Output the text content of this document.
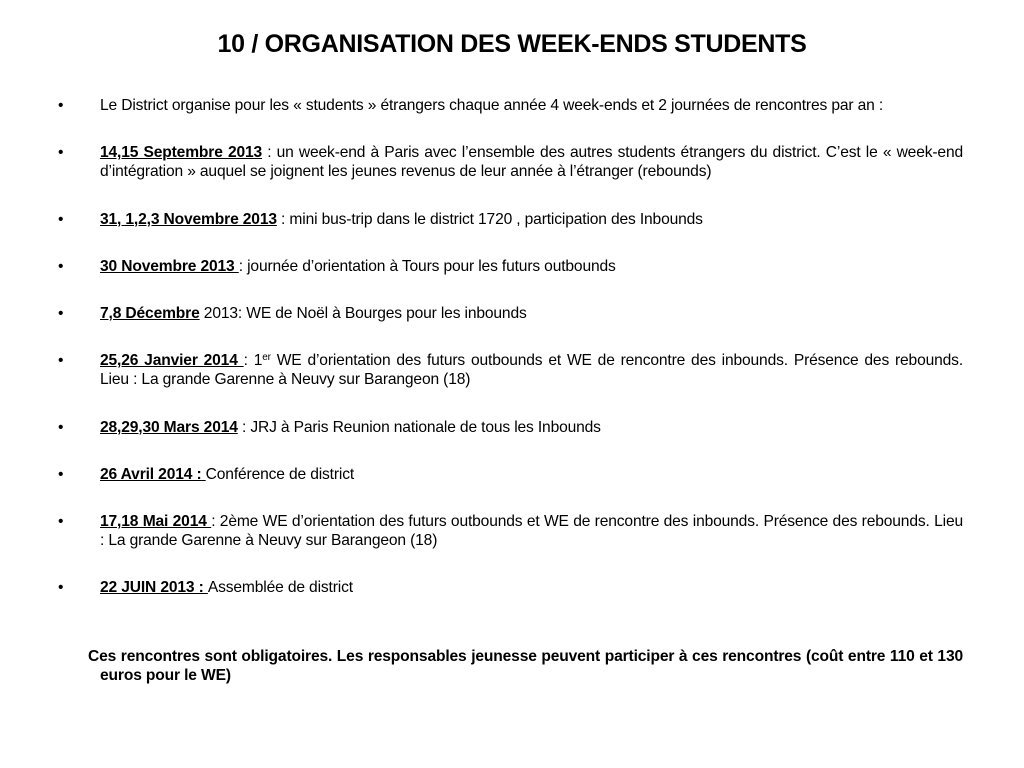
10 / ORGANISATION DES WEEK-ENDS STUDENTS
•	Le District organise pour les « students » étrangers chaque année 4 week-ends et 2 journées de rencontres par an :
•	14,15 Septembre 2013 : un week-end à Paris avec l’ensemble des autres students étrangers du district. C’est le « week-end d’intégration » auquel se joignent les jeunes revenus de leur année à l’étranger (rebounds)
•	31, 1,2,3 Novembre 2013 : mini bus-trip dans le district 1720 , participation des Inbounds
•	30 Novembre 2013 : journée d’orientation à Tours pour les futurs outbounds
•	7,8 Décembre 2013: WE de Noël à Bourges pour les inbounds
•	25,26 Janvier 2014 : 1er WE d’orientation des futurs outbounds et WE de rencontre des inbounds. Présence des rebounds. Lieu : La grande Garenne à Neuvy sur Barangeon (18)
•	28,29,30 Mars 2014 : JRJ à Paris Reunion nationale de tous les Inbounds
•	26 Avril 2014 : Conférence de district
•	17,18 Mai 2014 : 2ème WE d’orientation des futurs outbounds et WE de rencontre des inbounds. Présence des rebounds. Lieu : La grande Garenne à Neuvy sur Barangeon (18)
•	22 JUIN 2013 : Assemblée de district
Ces rencontres sont obligatoires. Les responsables jeunesse peuvent participer à ces rencontres (coût entre 110 et 130 euros pour le WE)
